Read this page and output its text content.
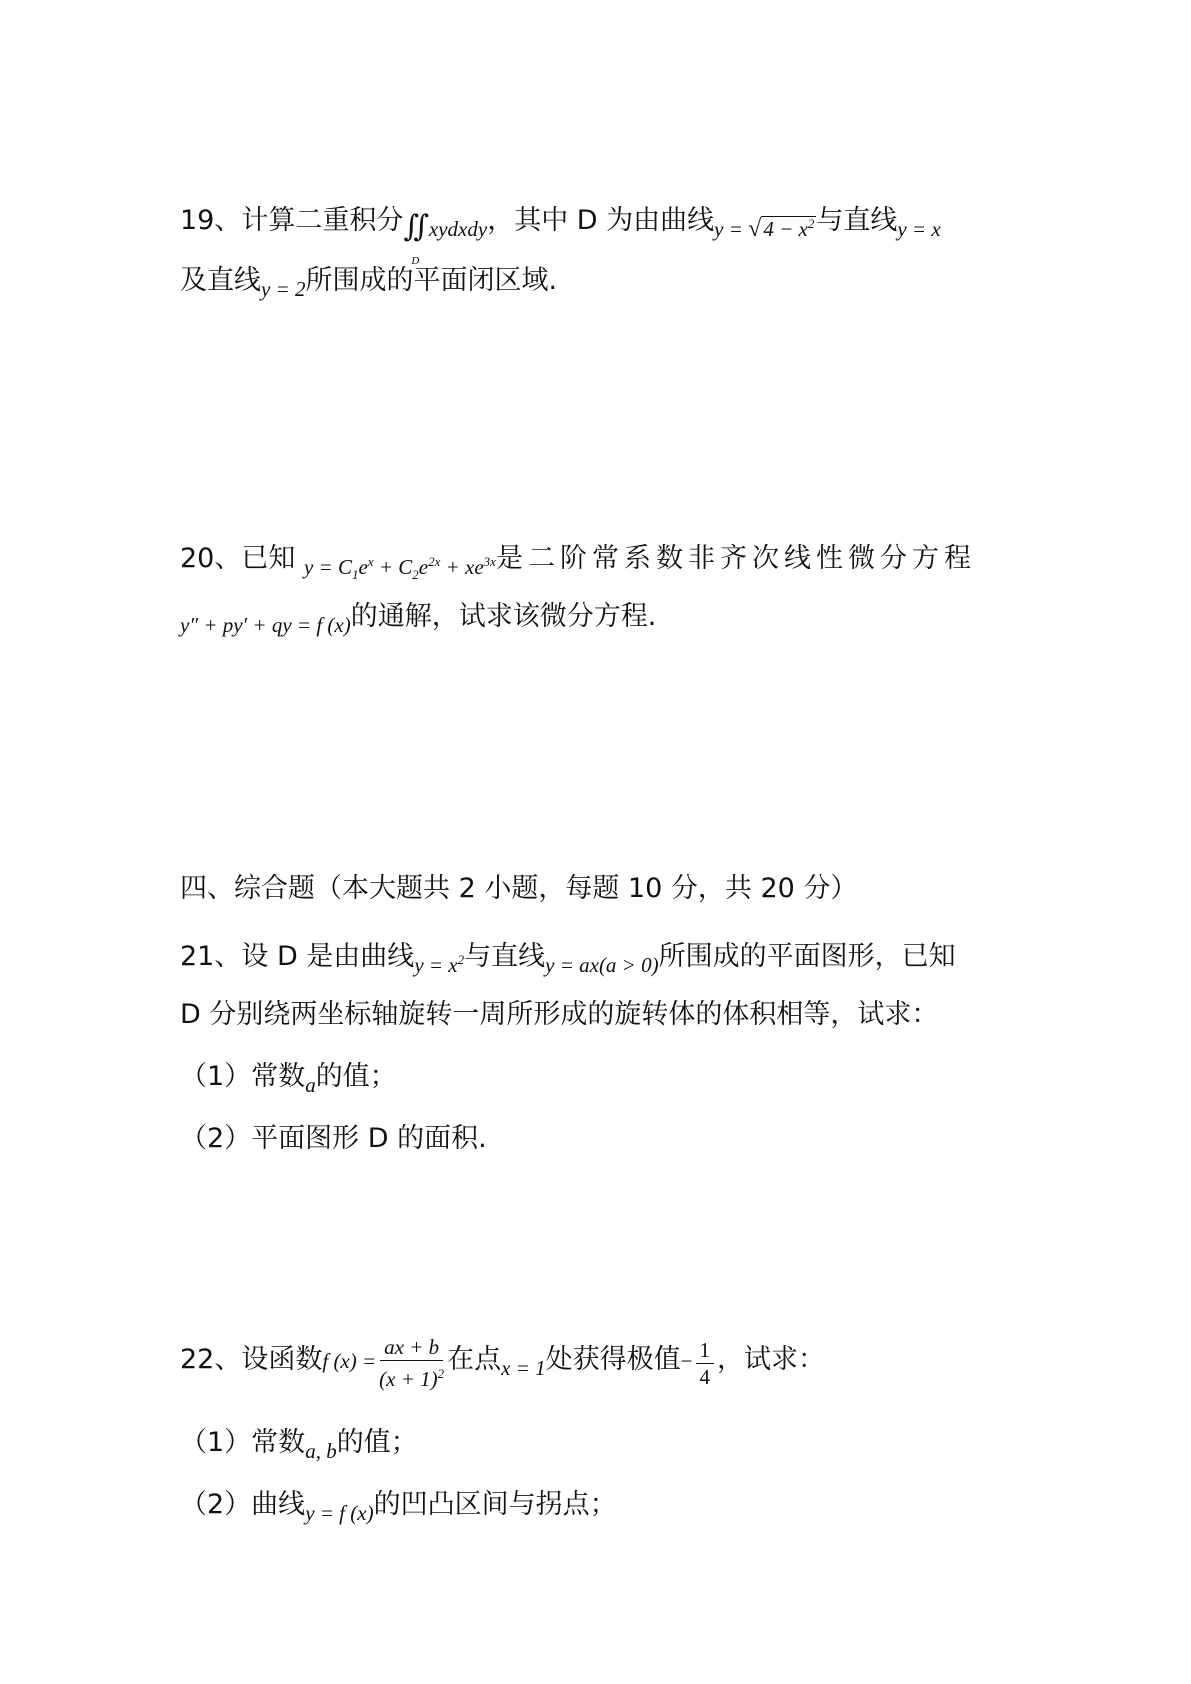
19、计算二重积分∬
D
$_{xydxdy}$，其中 D 为由曲线$_{y = √4 - x^2}$与直线$_{y = x}$
及直线$_{y = 2}$所围成的平面闭区域.
20、已知 $_{y = C_1e^x + C_2e^{2x} + xe^{3x}}$是二阶常系数非齐次线性微分方程
$_{y'' + py' + qy = f (x)}$的通解，试求该微分方程.
四、综合题（本大题共 2 小题，每题 10 分，共 20 分）
21、设 D 是由曲线$_{y = x^2}$与直线$_{y = ax(a > 0)}$所围成的平面图形，已知
D 分别绕两坐标轴旋转一周所形成的旋转体的体积相等，试求：
（1）常数$_a$的值；
（2）平面图形 D 的面积.
22、设函数f $(x) = \frac{ax + b}{(x + 1)^2}$ 在点$_{x = 1}$处获得极值− $\frac{1}{4}$ ，试求：
（1）常数$_{a, b}$的值；
（2）曲线$_{y = f (x)}$的凹凸区间与拐点；
